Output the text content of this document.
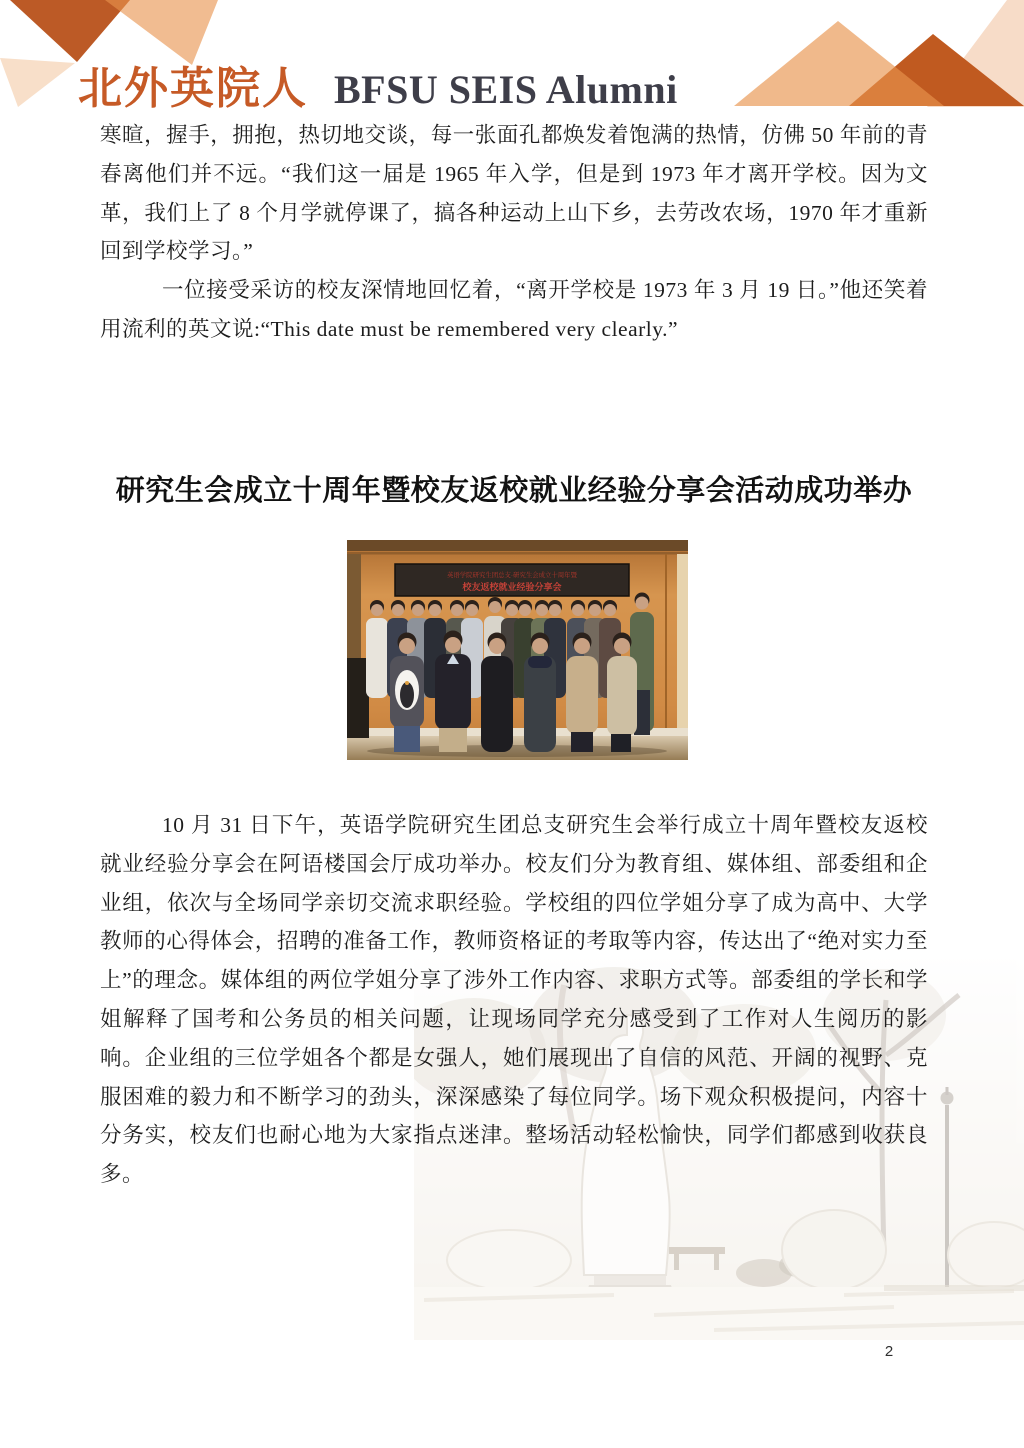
北外英院人 BFSU SEIS Alumni

寒暄，握手，拥抱，热切地交谈，每一张面孔都焕发着饱满的热情，仿佛 50 年前的青春离他们并不远。“我们这一届是 1965 年入学，但是到 1973 年才离开学校。因为文革，我们上了 8 个月学就停课了，搞各种运动上山下乡，去劳改农场，1970 年才重新回到学校学习。”

一位接受采访的校友深情地回忆着，“离开学校是 1973 年 3 月 19 日。”他还笑着用流利的英文说:“This date must be remembered very clearly.”

研究生会成立十周年暨校友返校就业经验分享会活动成功举办
英语学院研究生团总支·研究生会成立十周年暨
校友返校就业经验分享会

10 月 31 日下午，英语学院研究生团总支研究生会举行成立十周年暨校友返校就业经验分享会在阿语楼国会厅成功举办。校友们分为教育组、媒体组、部委组和企业组，依次与全场同学亲切交流求职经验。学校组的四位学姐分享了成为高中、大学教师的心得体会，招聘的准备工作，教师资格证的考取等内容，传达出了“绝对实力至上”的理念。媒体组的两位学姐分享了涉外工作内容、求职方式等。部委组的学长和学姐解释了国考和公务员的相关问题，让现场同学充分感受到了工作对人生阅历的影响。企业组的三位学姐各个都是女强人，她们展现出了自信的风范、开阔的视野、克服困难的毅力和不断学习的劲头，深深感染了每位同学。场下观众积极提问，内容十分务实，校友们也耐心地为大家指点迷津。整场活动轻松愉快，同学们都感到收获良多。

2
